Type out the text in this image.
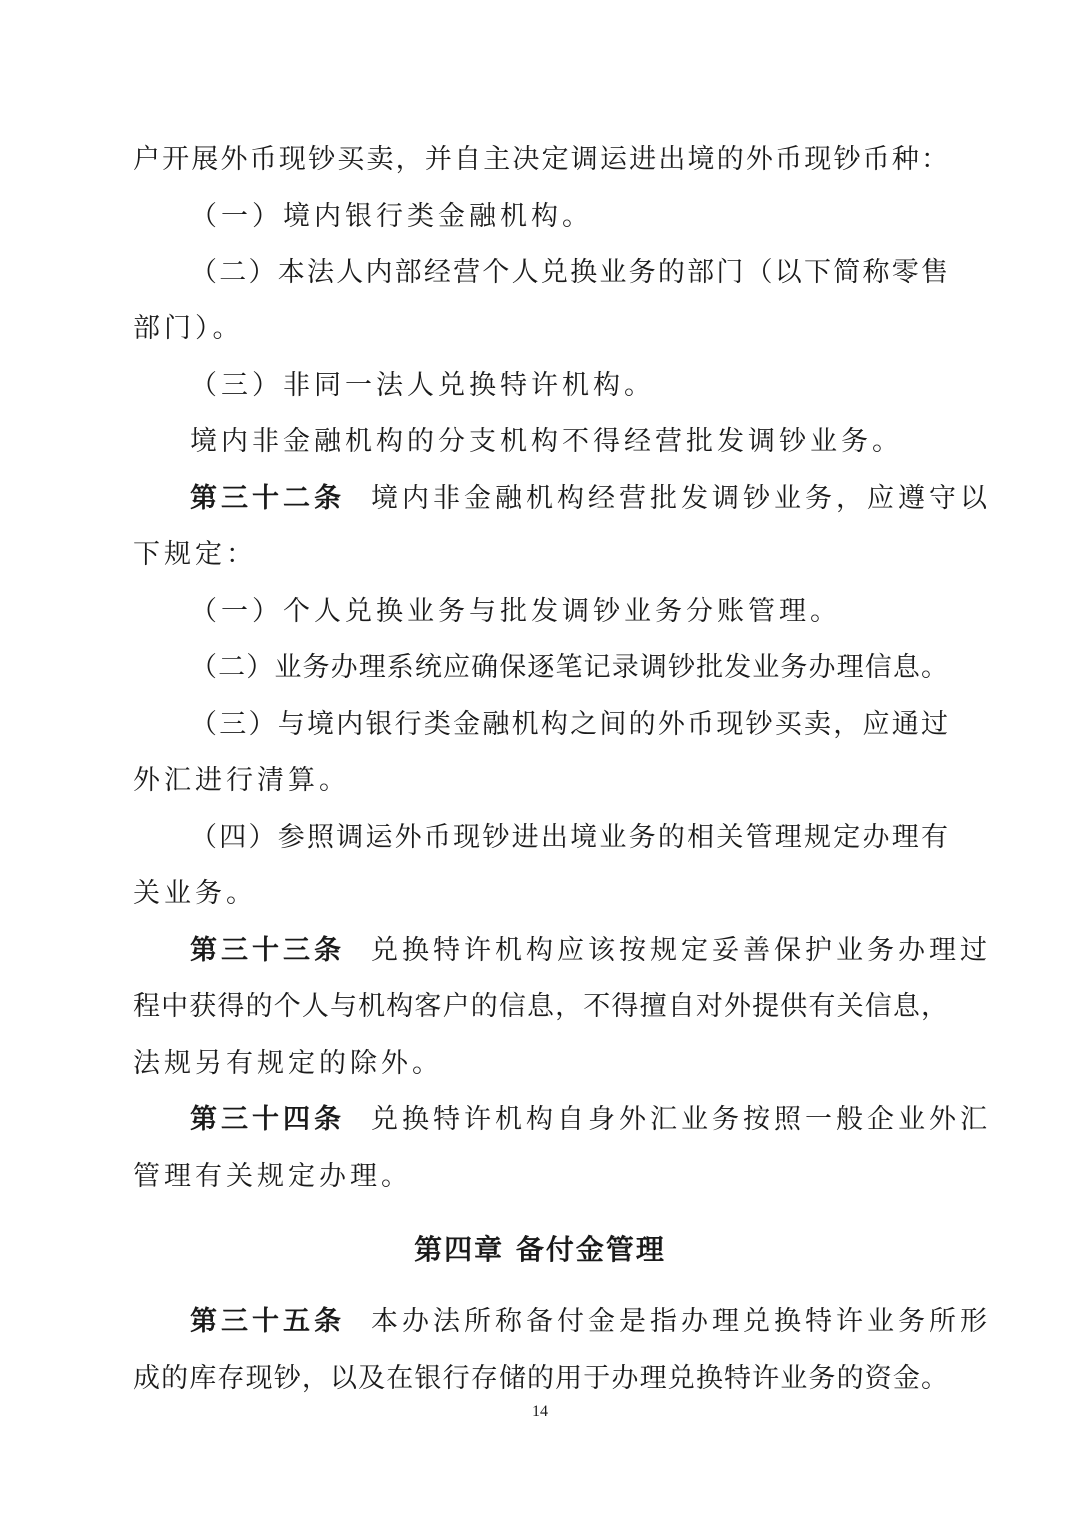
户开展外币现钞买卖，并自主决定调运进出境的外币现钞币种：
（一）境内银行类金融机构。
（二）本法人内部经营个人兑换业务的部门（以下简称零售
部门）。
（三）非同一法人兑换特许机构。
境内非金融机构的分支机构不得经营批发调钞业务。
第三十二条 境内非金融机构经营批发调钞业务，应遵守以
下规定：
（一）个人兑换业务与批发调钞业务分账管理。
（二）业务办理系统应确保逐笔记录调钞批发业务办理信息。
（三）与境内银行类金融机构之间的外币现钞买卖，应通过
外汇进行清算。
（四）参照调运外币现钞进出境业务的相关管理规定办理有
关业务。
第三十三条 兑换特许机构应该按规定妥善保护业务办理过
程中获得的个人与机构客户的信息，不得擅自对外提供有关信息，
法规另有规定的除外。
第三十四条 兑换特许机构自身外汇业务按照一般企业外汇
管理有关规定办理。
第四章 备付金管理
第三十五条 本办法所称备付金是指办理兑换特许业务所形
成的库存现钞，以及在银行存储的用于办理兑换特许业务的资金。
14
